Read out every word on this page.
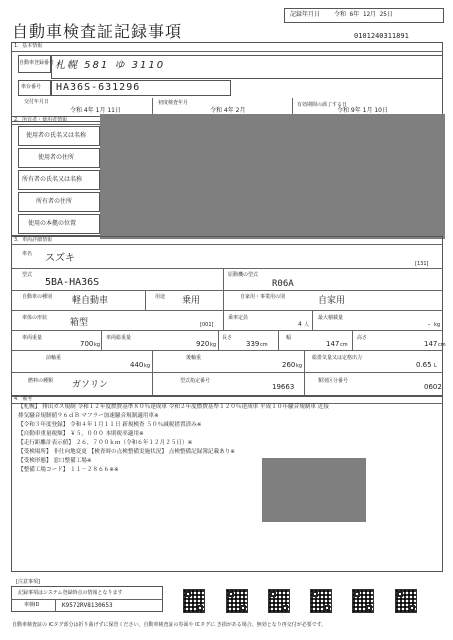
記録年月日 令和 6年 12月 25日
自動車検査証記録事項	0101240311891
1．基本情報
自動車登録番号 札幌 581 ゆ 3110
車台番号 HA36S-631296
交付年月日
令和 4年 1月 11日
初度検査年月
令和 4年 2月
有効期間の満了する日
令和 9年 1月 10日
2．所有者・使用者情報
使用者の氏名又は名称
使用者の住所
所有者の氏名又は名称
所有者の住所
使用の本拠の位置
3．車両詳細情報
車名 スズキ	[131]
型式
5BA-HA36S
原動機の型式
R06A
自動車の種別 軽自動車	用途 乗用	自家用・事業用の別	自家用
車体の形状	箱型	[001]
乗車定員
4 人
最大積載量
- kg
車両重量
700 kg
車両総重量
920 kg
長さ
339 cm
幅
147 cm
高さ
147 cm
前軸重
440 kg
後軸重
260 kg
総排気量又は定格出力
0.65 L
燃料の種類 ガソリン	型式指定番号
19663
類別区分番号
0602
4．備考
【札幌】 排出ガス規制 令和１２年度燃費基準８０％達成車 令和２年度燃費基準１２０％達成車 平成１０年騒音規制車 近接
排気騒音規制値９６ｄＢ マフラー加速騒音規制適用車※
【令和３年度登録】 令和４年１月１１日 新規検査 ５０％減税措置済み※
【自動車重量税額】 ￥５，０００ 本則税率適用※
【走行距離計表示値】 ２６，７００ｋｍ（令和６年１２月２５日）※
【受検場所】 非仕向地変更 【検査時の点検整備実施状況】 点検整備記録簿記載あり※
【受検形態】 窓口整備工場※
【整備工場コード】 １１－２８６６※※
[注意事項]
記録事項はシステム登録時点の情報となります
車検ID	K9572RV8130653
自動車検査証の ICタグ部分は折り曲げずに保管ください。自動車検査証の券面や ICタグに き損がある場合、無効となり再交付が必要です。
